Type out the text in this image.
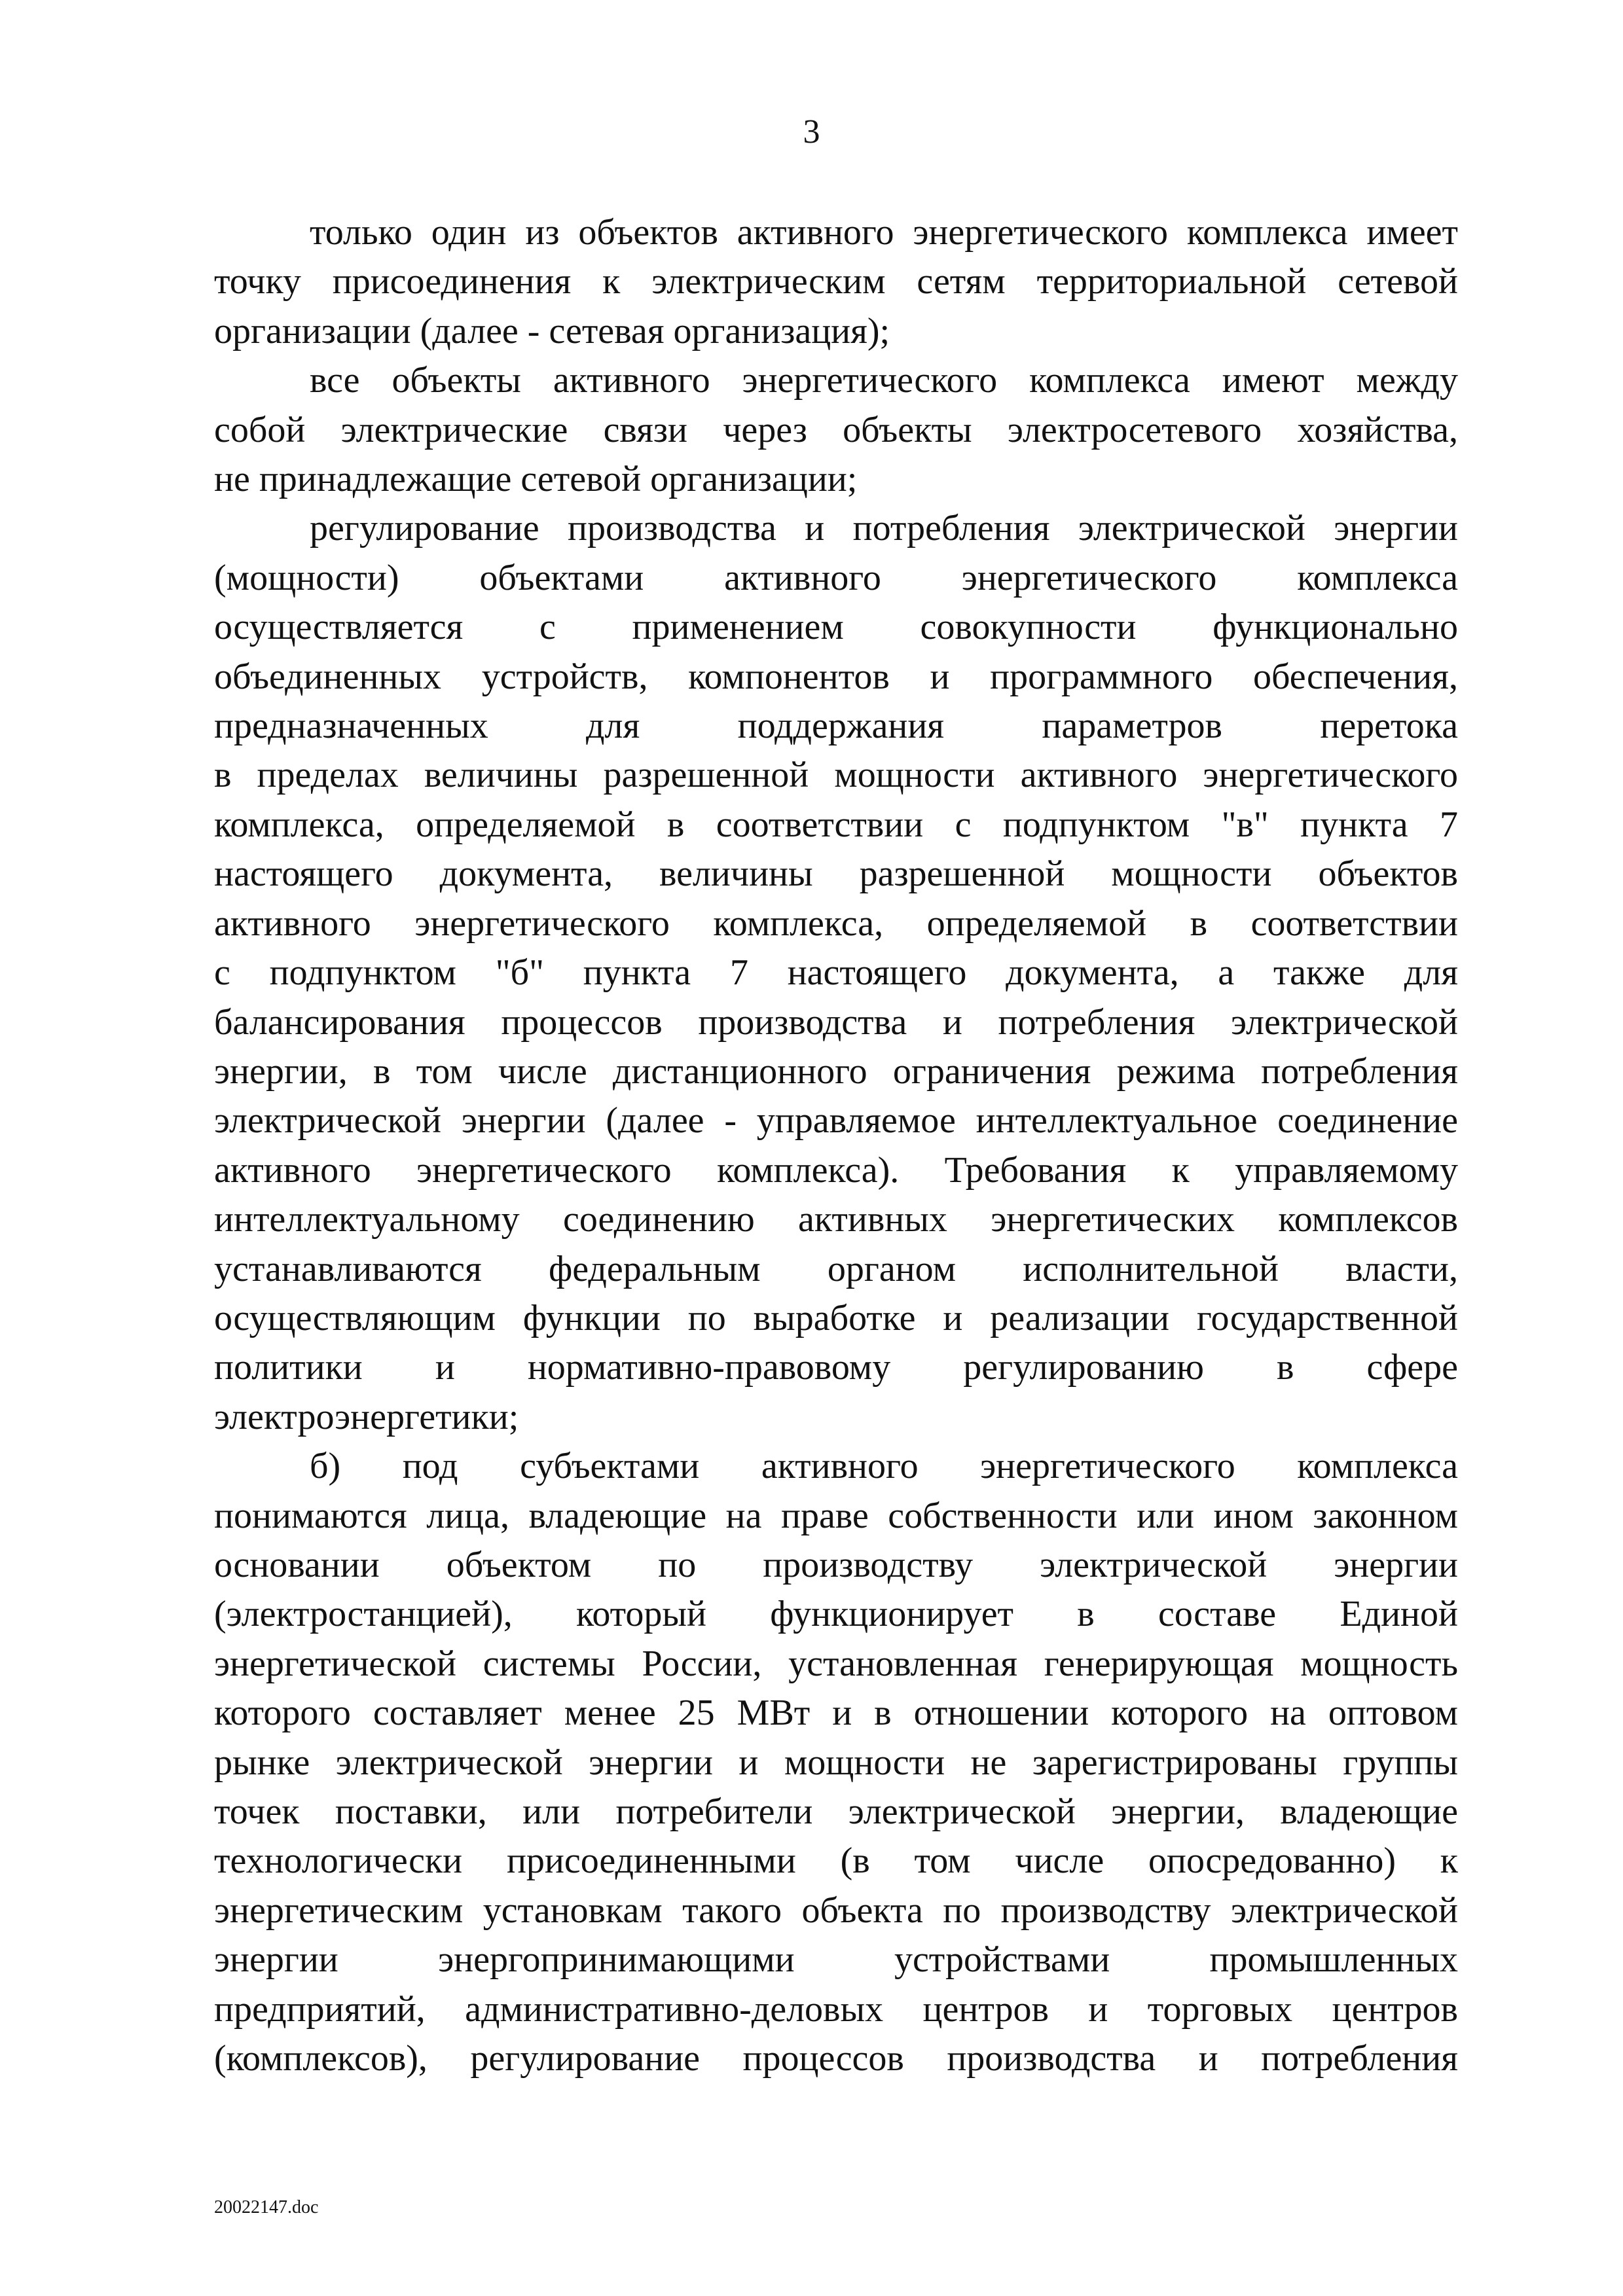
3
только один из объектов активного энергетического комплекса имеет
точку присоединения к электрическим сетям территориальной сетевой
организации (далее - сетевая организация);
все объекты активного энергетического комплекса имеют между
собой электрические связи через объекты электросетевого хозяйства,
не принадлежащие сетевой организации;
регулирование производства и потребления электрической энергии
(мощности) объектами активного энергетического комплекса
осуществляется с применением совокупности функционально
объединенных устройств, компонентов и программного обеспечения,
предназначенных для поддержания параметров перетока
в пределах величины разрешенной мощности активного энергетического
комплекса, определяемой в соответствии с подпунктом "в" пункта 7
настоящего документа, величины разрешенной мощности объектов
активного энергетического комплекса, определяемой в соответствии
с подпунктом "б" пункта 7 настоящего документа, а также для
балансирования процессов производства и потребления электрической
энергии, в том числе дистанционного ограничения режима потребления
электрической энергии (далее - управляемое интеллектуальное соединение
активного энергетического комплекса). Требования к управляемому
интеллектуальному соединению активных энергетических комплексов
устанавливаются федеральным органом исполнительной власти,
осуществляющим функции по выработке и реализации государственной
политики и нормативно-правовому регулированию в сфере
электроэнергетики;
б) под субъектами активного энергетического комплекса
понимаются лица, владеющие на праве собственности или ином законном
основании объектом по производству электрической энергии
(электростанцией), который функционирует в составе Единой
энергетической системы России, установленная генерирующая мощность
которого составляет менее 25 МВт и в отношении которого на оптовом
рынке электрической энергии и мощности не зарегистрированы группы
точек поставки, или потребители электрической энергии, владеющие
технологически присоединенными (в том числе опосредованно) к
энергетическим установкам такого объекта по производству электрической
энергии энергопринимающими устройствами промышленных
предприятий, административно-деловых центров и торговых центров
(комплексов), регулирование процессов производства и потребления
20022147.doc
